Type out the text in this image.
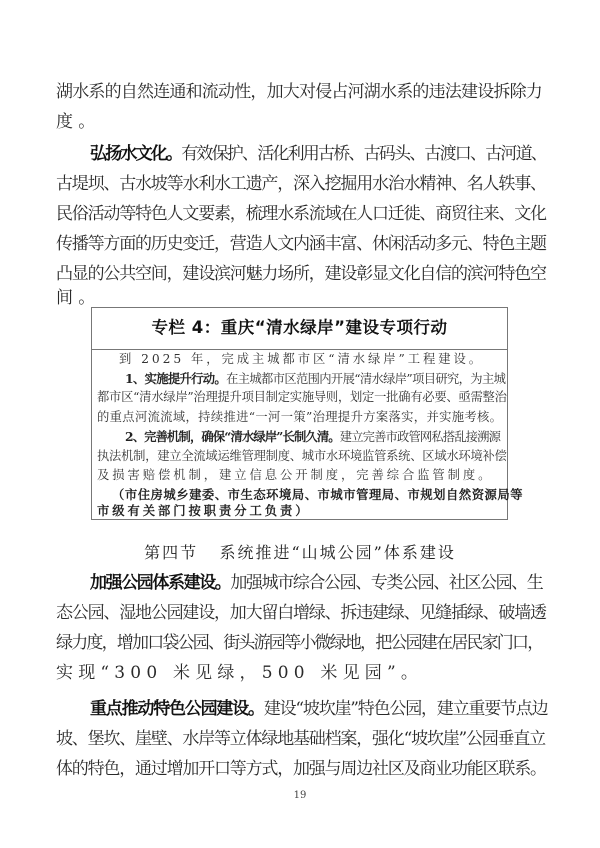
湖水系的自然连通和流动性，加大对侵占河湖水系的违法建设拆除力
度。
弘扬水文化。有效保护、活化利用古桥、古码头、古渡口、古河道、
古堤坝、古水坡等水利水工遗产，深入挖掘用水治水精神、名人轶事、
民俗活动等特色人文要素，梳理水系流域在人口迁徙、商贸往来、文化
传播等方面的历史变迁，营造人文内涵丰富、休闲活动多元、特色主题
凸显的公共空间，建设滨河魅力场所，建设彰显文化自信的滨河特色空
间。
专栏 4：重庆“清水绿岸”建设专项行动
到 2025 年，完成主城都市区“清水绿岸”工程建设。
1、实施提升行动。在主城都市区范围内开展“清水绿岸”项目研究，为主城
都市区“清水绿岸”治理提升项目制定实施导则，划定一批确有必要、亟需整治
的重点河流流域，持续推进“一河一策”治理提升方案落实，并实施考核。
2、完善机制，确保“清水绿岸”长制久清。建立完善市政管网私搭乱接溯源
执法机制，建立全流域运维管理制度、城市水环境监管系统、区域水环境补偿
及损害赔偿机制，建立信息公开制度，完善综合监管制度。
（市住房城乡建委、市生态环境局、市城市管理局、市规划自然资源局等
市级有关部门按职责分工负责）
第四节 系统推进“山城公园”体系建设
加强公园体系建设。加强城市综合公园、专类公园、社区公园、生
态公园、湿地公园建设，加大留白增绿、拆违建绿、见缝插绿、破墙透
绿力度，增加口袋公园、街头游园等小微绿地，把公园建在居民家门口，
实现“300 米见绿，500 米见园”。
重点推动特色公园建设。建设“坡坎崖”特色公园，建立重要节点边
坡、堡坎、崖壁、水岸等立体绿地基础档案，强化“坡坎崖”公园垂直立
体的特色，通过增加开口等方式，加强与周边社区及商业功能区联系。
19
